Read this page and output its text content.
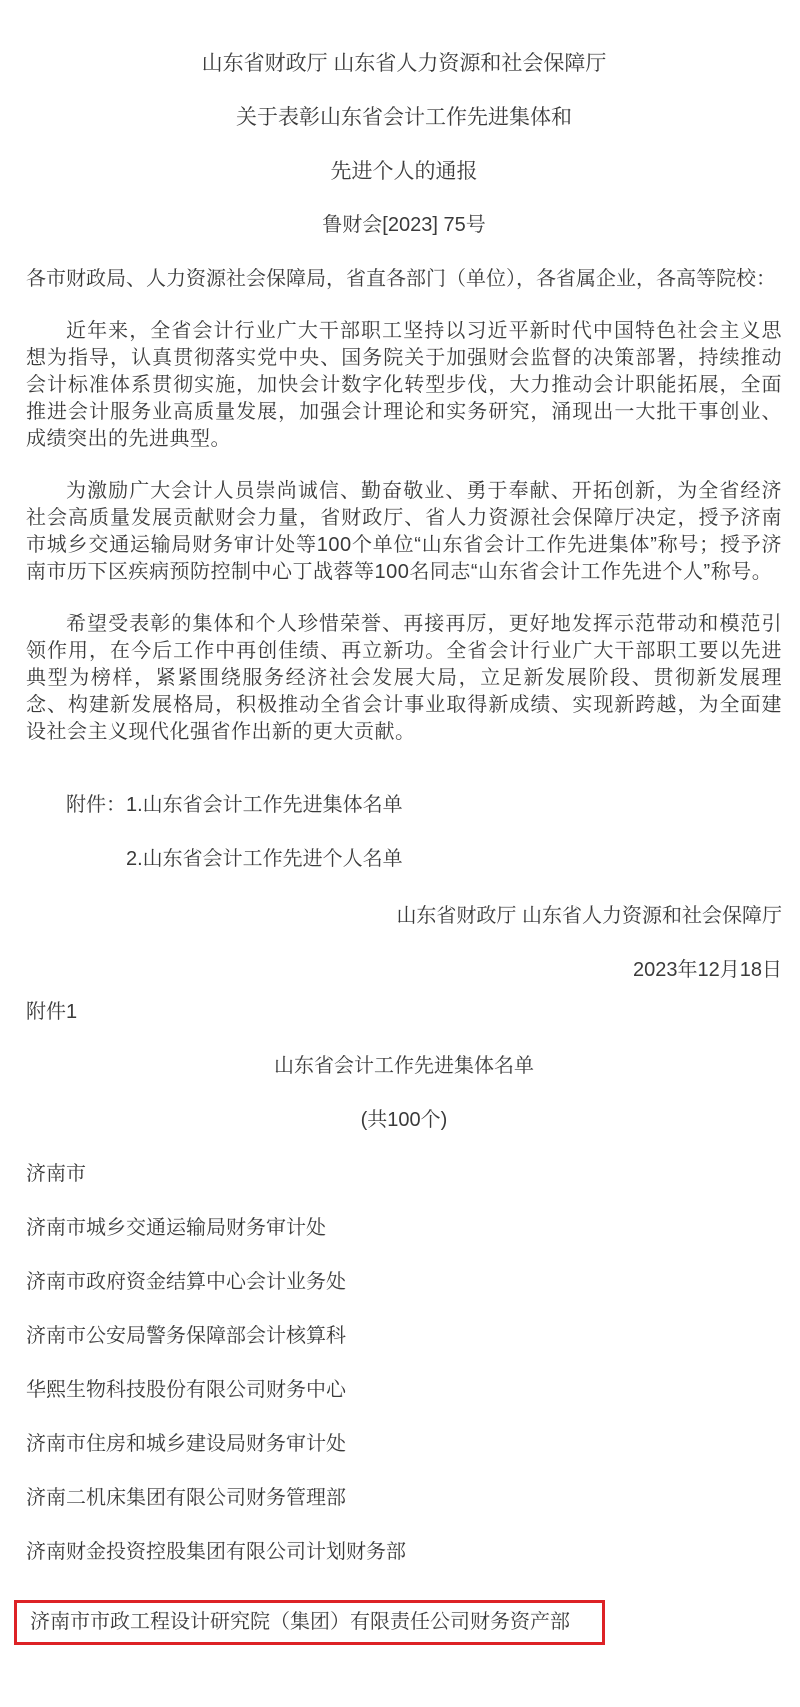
山东省财政厅 山东省人力资源和社会保障厅
关于表彰山东省会计工作先进集体和
先进个人的通报
鲁财会[2023] 75号
各市财政局、人力资源社会保障局，省直各部门（单位），各省属企业，各高等院校：

近年来，全省会计行业广大干部职工坚持以习近平新时代中国特色社会主义思想为指导，认真贯彻落实党中央、国务院关于加强财会监督的决策部署，持续推动会计标准体系贯彻实施，加快会计数字化转型步伐，大力推动会计职能拓展，全面推进会计服务业高质量发展，加强会计理论和实务研究，涌现出一大批干事创业、成绩突出的先进典型。

为激励广大会计人员崇尚诚信、勤奋敬业、勇于奉献、开拓创新，为全省经济社会高质量发展贡献财会力量，省财政厅、省人力资源社会保障厅决定，授予济南市城乡交通运输局财务审计处等100个单位“山东省会计工作先进集体”称号；授予济南市历下区疾病预防控制中心丁战蓉等100名同志“山东省会计工作先进个人”称号。

希望受表彰的集体和个人珍惜荣誉、再接再厉，更好地发挥示范带动和模范引领作用，在今后工作中再创佳绩、再立新功。全省会计行业广大干部职工要以先进典型为榜样，紧紧围绕服务经济社会发展大局，立足新发展阶段、贯彻新发展理念、构建新发展格局，积极推动全省会计事业取得新成绩、实现新跨越，为全面建设社会主义现代化强省作出新的更大贡献。

附件：1.山东省会计工作先进集体名单
2.山东省会计工作先进个人名单
山东省财政厅 山东省人力资源和社会保障厅
2023年12月18日
附件1
山东省会计工作先进集体名单
(共100个)
济南市
济南市城乡交通运输局财务审计处
济南市政府资金结算中心会计业务处
济南市公安局警务保障部会计核算科
华熙生物科技股份有限公司财务中心
济南市住房和城乡建设局财务审计处
济南二机床集团有限公司财务管理部
济南财金投资控股集团有限公司计划财务部
济南市市政工程设计研究院（集团）有限责任公司财务资产部
